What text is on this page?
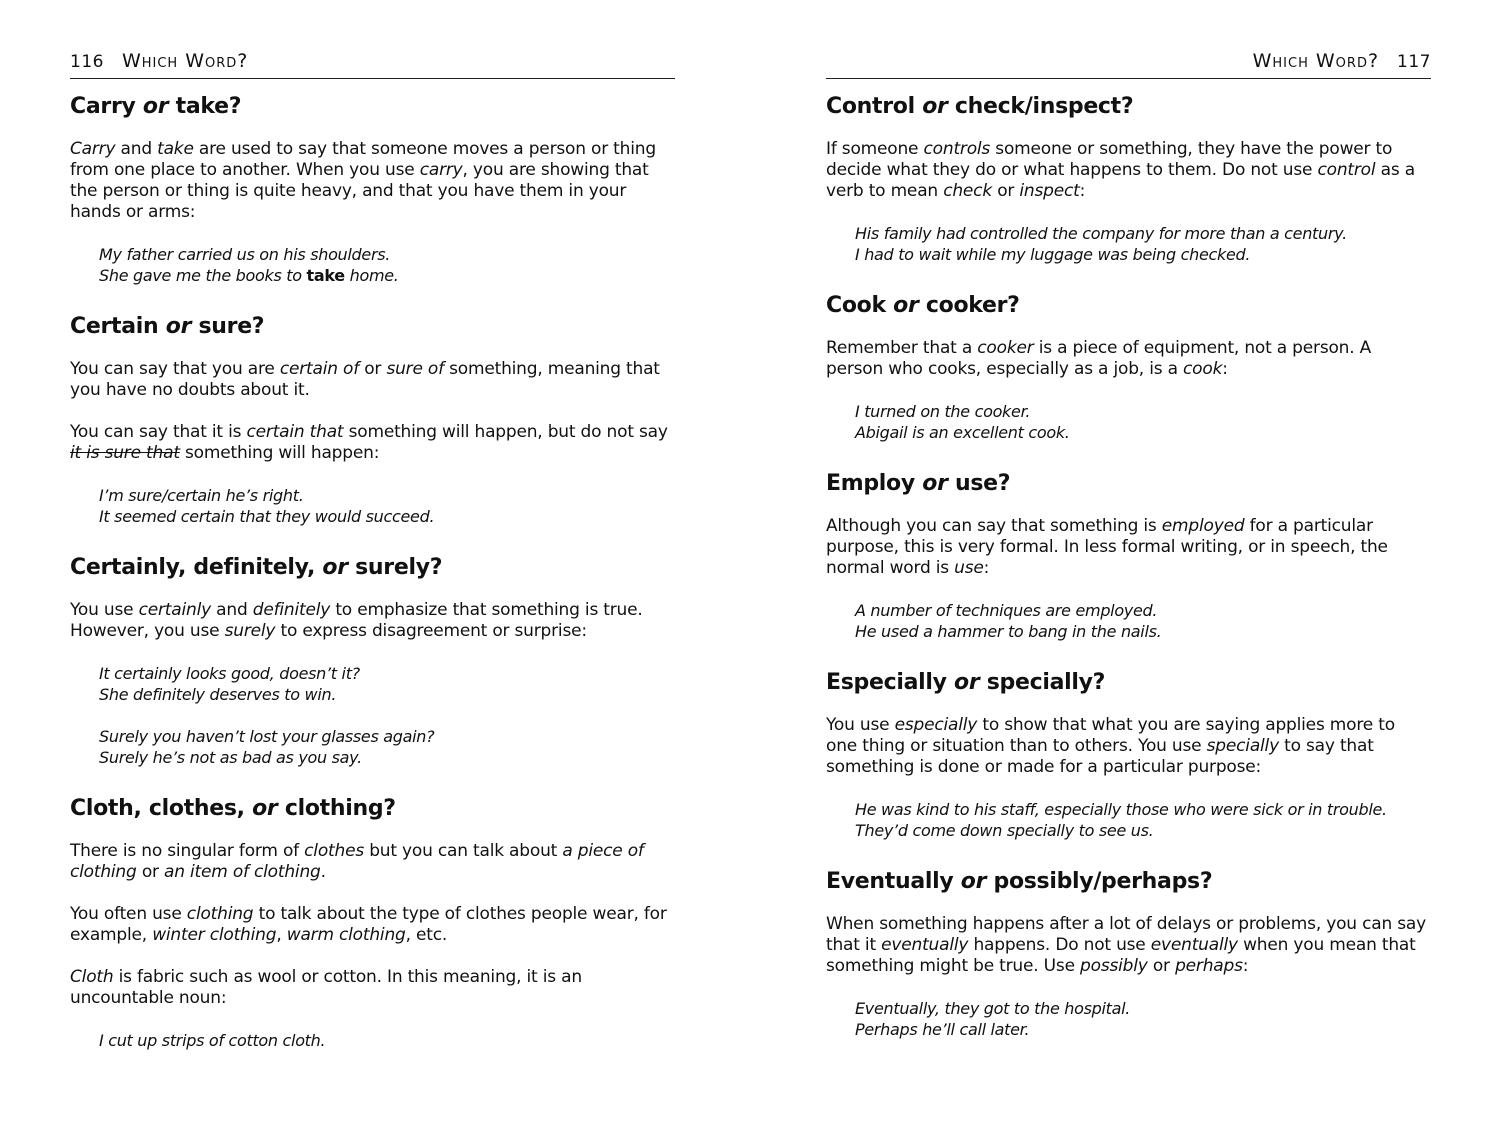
116 Which Word?
Carry or take?

Carry and take are used to say that someone moves a person or thing from one place to another. When you use carry, you are showing that the person or thing is quite heavy, and that you have them in your hands or arms:

My father carried us on his shoulders.
She gave me the books to take home.
Certain or sure?

You can say that you are certain of or sure of something, meaning that you have no doubts about it.

You can say that it is certain that something will happen, but do not say it is sure that something will happen:

I’m sure/certain he’s right.
It seemed certain that they would succeed.
Certainly, definitely, or surely?

You use certainly and definitely to emphasize that something is true. However, you use surely to express disagreement or surprise:

It certainly looks good, doesn’t it?
She definitely deserves to win.
Surely you haven’t lost your glasses again?
Surely he’s not as bad as you say.
Cloth, clothes, or clothing?

There is no singular form of clothes but you can talk about a piece of clothing or an item of clothing.

You often use clothing to talk about the type of clothes people wear, for example, winter clothing, warm clothing, etc.

Cloth is fabric such as wool or cotton. In this meaning, it is an uncountable noun:

I cut up strips of cotton cloth.
Which Word? 117
Control or check/inspect?

If someone controls someone or something, they have the power to decide what they do or what happens to them. Do not use control as a verb to mean check or inspect:

His family had controlled the company for more than a century.
I had to wait while my luggage was being checked.
Cook or cooker?

Remember that a cooker is a piece of equipment, not a person. A person who cooks, especially as a job, is a cook:

I turned on the cooker.
Abigail is an excellent cook.
Employ or use?

Although you can say that something is employed for a particular purpose, this is very formal. In less formal writing, or in speech, the normal word is use:

A number of techniques are employed.
He used a hammer to bang in the nails.
Especially or specially?

You use especially to show that what you are saying applies more to one thing or situation than to others. You use specially to say that something is done or made for a particular purpose:

He was kind to his staff, especially those who were sick or in trouble.
They’d come down specially to see us.
Eventually or possibly/perhaps?

When something happens after a lot of delays or problems, you can say that it eventually happens. Do not use eventually when you mean that something might be true. Use possibly or perhaps:

Eventually, they got to the hospital.
Perhaps he’ll call later.
